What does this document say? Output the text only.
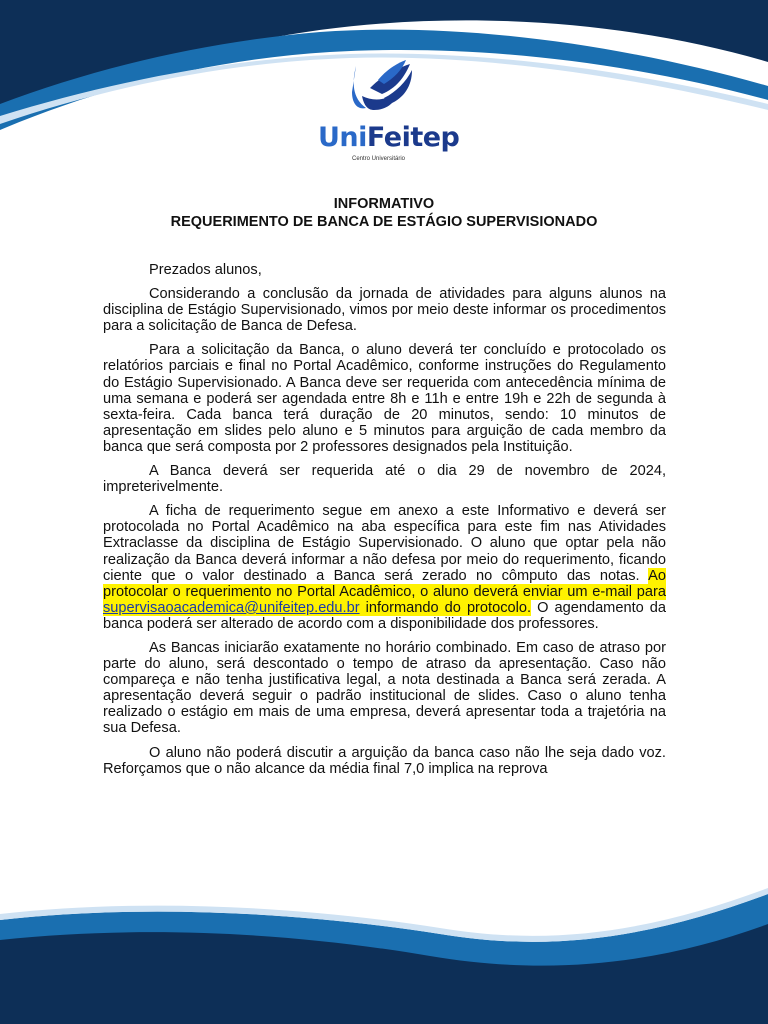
UniFeitep
Centro Universitário
INFORMATIVO
REQUERIMENTO DE BANCA DE ESTÁGIO SUPERVISIONADO

Prezados alunos,

Considerando a conclusão da jornada de atividades para alguns alunos na disciplina de Estágio Supervisionado, vimos por meio deste informar os procedimentos para a solicitação de Banca de Defesa.

Para a solicitação da Banca, o aluno deverá ter concluído e protocolado os relatórios parciais e final no Portal Acadêmico, conforme instruções do Regulamento do Estágio Supervisionado. A Banca deve ser requerida com antecedência mínima de uma semana e poderá ser agendada entre 8h e 11h e entre 19h e 22h de segunda à sexta-feira. Cada banca terá duração de 20 minutos, sendo: 10 minutos de apresentação em slides pelo aluno e 5 minutos para arguição de cada membro da banca que será composta por 2 professores designados pela Instituição.

A Banca deverá ser requerida até o dia 29 de novembro de 2024, impreterivelmente.

A ficha de requerimento segue em anexo a este Informativo e deverá ser protocolada no Portal Acadêmico na aba específica para este fim nas Atividades Extraclasse da disciplina de Estágio Supervisionado. O aluno que optar pela não realização da Banca deverá informar a não defesa por meio do requerimento, ficando ciente que o valor destinado a Banca será zerado no cômputo das notas. Ao protocolar o requerimento no Portal Acadêmico, o aluno deverá enviar um e-mail para supervisaoacademica@unifeitep.edu.br informando do protocolo. O agendamento da banca poderá ser alterado de acordo com a disponibilidade dos professores.

As Bancas iniciarão exatamente no horário combinado. Em caso de atraso por parte do aluno, será descontado o tempo de atraso da apresentação. Caso não compareça e não tenha justificativa legal, a nota destinada a Banca será zerada. A apresentação deverá seguir o padrão institucional de slides. Caso o aluno tenha realizado o estágio em mais de uma empresa, deverá apresentar toda a trajetória na sua Defesa.

O aluno não poderá discutir a arguição da banca caso não lhe seja dado voz. Reforçamos que o não alcance da média final 7,0 implica na reprova
